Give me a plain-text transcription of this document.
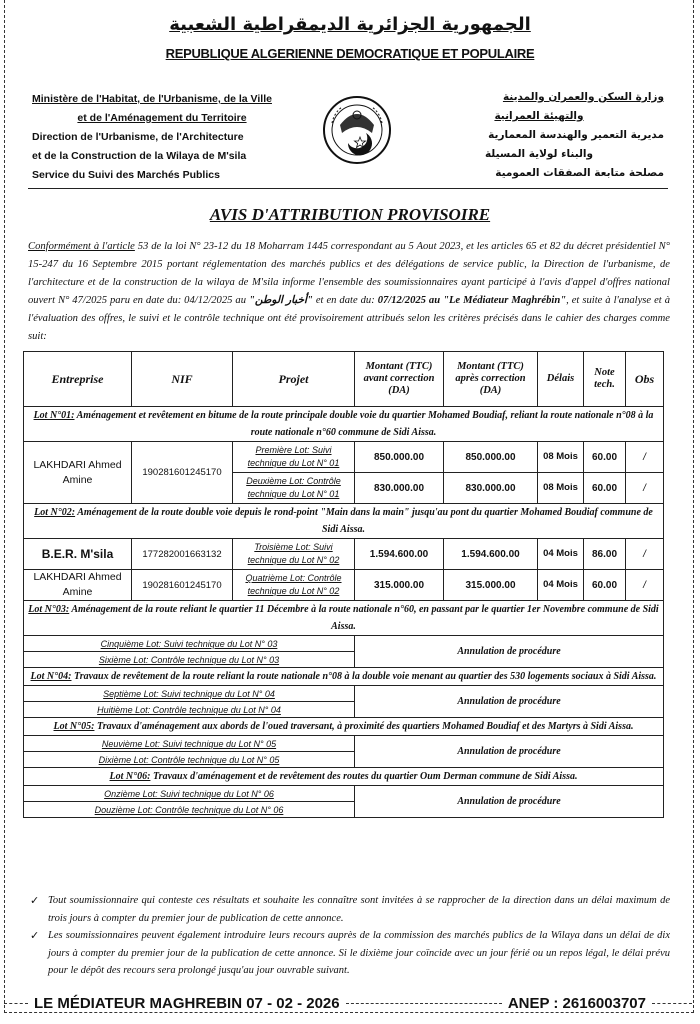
الجمهورية الجزائرية الديمقراطية الشعبية
REPUBLIQUE ALGERIENNE DEMOCRATIQUE ET POPULAIRE
Ministère de l'Habitat, de l'Urbanisme, de la Ville
et de l'Aménagement du Territoire
Direction de l'Urbanisme, de l'Architecture
et de la Construction de la Wilaya de M'sila
Service du Suivi des Marchés Publics
وزارة السكن والعمران والمدينة
والتهيئة العمرانية
مديرية التعمير والهندسة المعمارية
والبناء لولاية المسيلة
مصلحة متابعة الصفقات العمومية
AVIS D'ATTRIBUTION PROVISOIRE
Conformément à l'article 53 de la loi N° 23-12 du 18 Moharram 1445 correspondant au 5 Aout 2023, et les articles 65 et 82 du décret présidentiel N° 15-247 du 16 Septembre 2015 portant réglementation des marchés publics et des délégations de service public, la Direction de l'urbanisme, de l'architecture et de la construction de la wilaya de M'sila informe l'ensemble des soumissionnaires ayant participé à l'avis d'appel d'offres national ouvert N° 47/2025 paru en date du: 04/12/2025 au "أخبار الوطن" et en date du: 07/12/2025 au "Le Médiateur Maghrébin", et suite à l'analyse et à l'évaluation des offres, le suivi et le contrôle technique ont été provisoirement attribués selon les critères précisés dans le cahier des charges comme suit:
Entreprise	NIF	Projet	Montant (TTC) avant correction (DA)	Montant (TTC) après correction (DA)	Délais	Note tech.	Obs
Lot N°01: Aménagement et revêtement en bitume de la route principale double voie du quartier Mohamed Boudiaf, reliant la route nationale n°08 à la route nationale n°60 commune de Sidi Aissa.							
LAKHDARI Ahmed Amine	190281601245170	Première Lot: Suivi technique du Lot N° 01	850.000.00	850.000.00	08 Mois	60.00	/
		Deuxième Lot: Contrôle technique du Lot N° 01	830.000.00	830.000.00	08 Mois	60.00	/
Lot N°02: Aménagement de la route double voie depuis le rond-point "Main dans la main" jusqu'au pont du quartier Mohamed Boudiaf commune de Sidi Aissa.							
B.E.R. M'sila	177282001663132	Troisième Lot: Suivi technique du Lot N° 02	1.594.600.00	1.594.600.00	04 Mois	86.00	/
LAKHDARI Ahmed Amine	190281601245170	Quatrième Lot: Contrôle technique du Lot N° 02	315.000.00	315.000.00	04 Mois	60.00	/
Lot N°03: Aménagement de la route reliant le quartier 11 Décembre à la route nationale n°60, en passant par le quartier 1er Novembre commune de Sidi Aissa.							
Cinquième Lot: Suivi technique du Lot N° 03			Annulation de procédure				
Sixième Lot: Contrôle technique du Lot N° 03							
Lot N°04: Travaux de revêtement de la route reliant la route nationale n°08 à la double voie menant au quartier des 530 logements sociaux à Sidi Aissa.							
Septième Lot: Suivi technique du Lot N° 04			Annulation de procédure				
Huitième Lot: Contrôle technique du Lot N° 04							
Lot N°05: Travaux d'aménagement aux abords de l'oued traversant, à proximité des quartiers Mohamed Boudiaf et des Martyrs à Sidi Aissa.							
Neuvième Lot: Suivi technique du Lot N° 05			Annulation de procédure				
Dixième Lot: Contrôle technique du Lot N° 05							
Lot N°06: Travaux d'aménagement et de revêtement des routes du quartier Oum Derman commune de Sidi Aissa.							
Onzième Lot: Suivi technique du Lot N° 06			Annulation de procédure				
Douzième Lot: Contrôle technique du Lot N° 06							
✓ Tout soumissionnaire qui conteste ces résultats et souhaite les connaître sont invitées à se rapprocher de la direction dans un délai maximum de trois jours à compter du premier jour de publication de cette annonce.
✓ Les soumissionnaires peuvent également introduire leurs recours auprès de la commission des marchés publics de la Wilaya dans un délai de dix jours à compter du premier jour de la publication de cette annonce. Si le dixième jour coïncide avec un jour férié ou un repos légal, le délai prévu pour le dépôt des recours sera prolongé jusqu'au jour ouvrable suivant.
LE MÉDIATEUR MAGHREBIN 07 - 02 - 2026	ANEP : 2616003707
